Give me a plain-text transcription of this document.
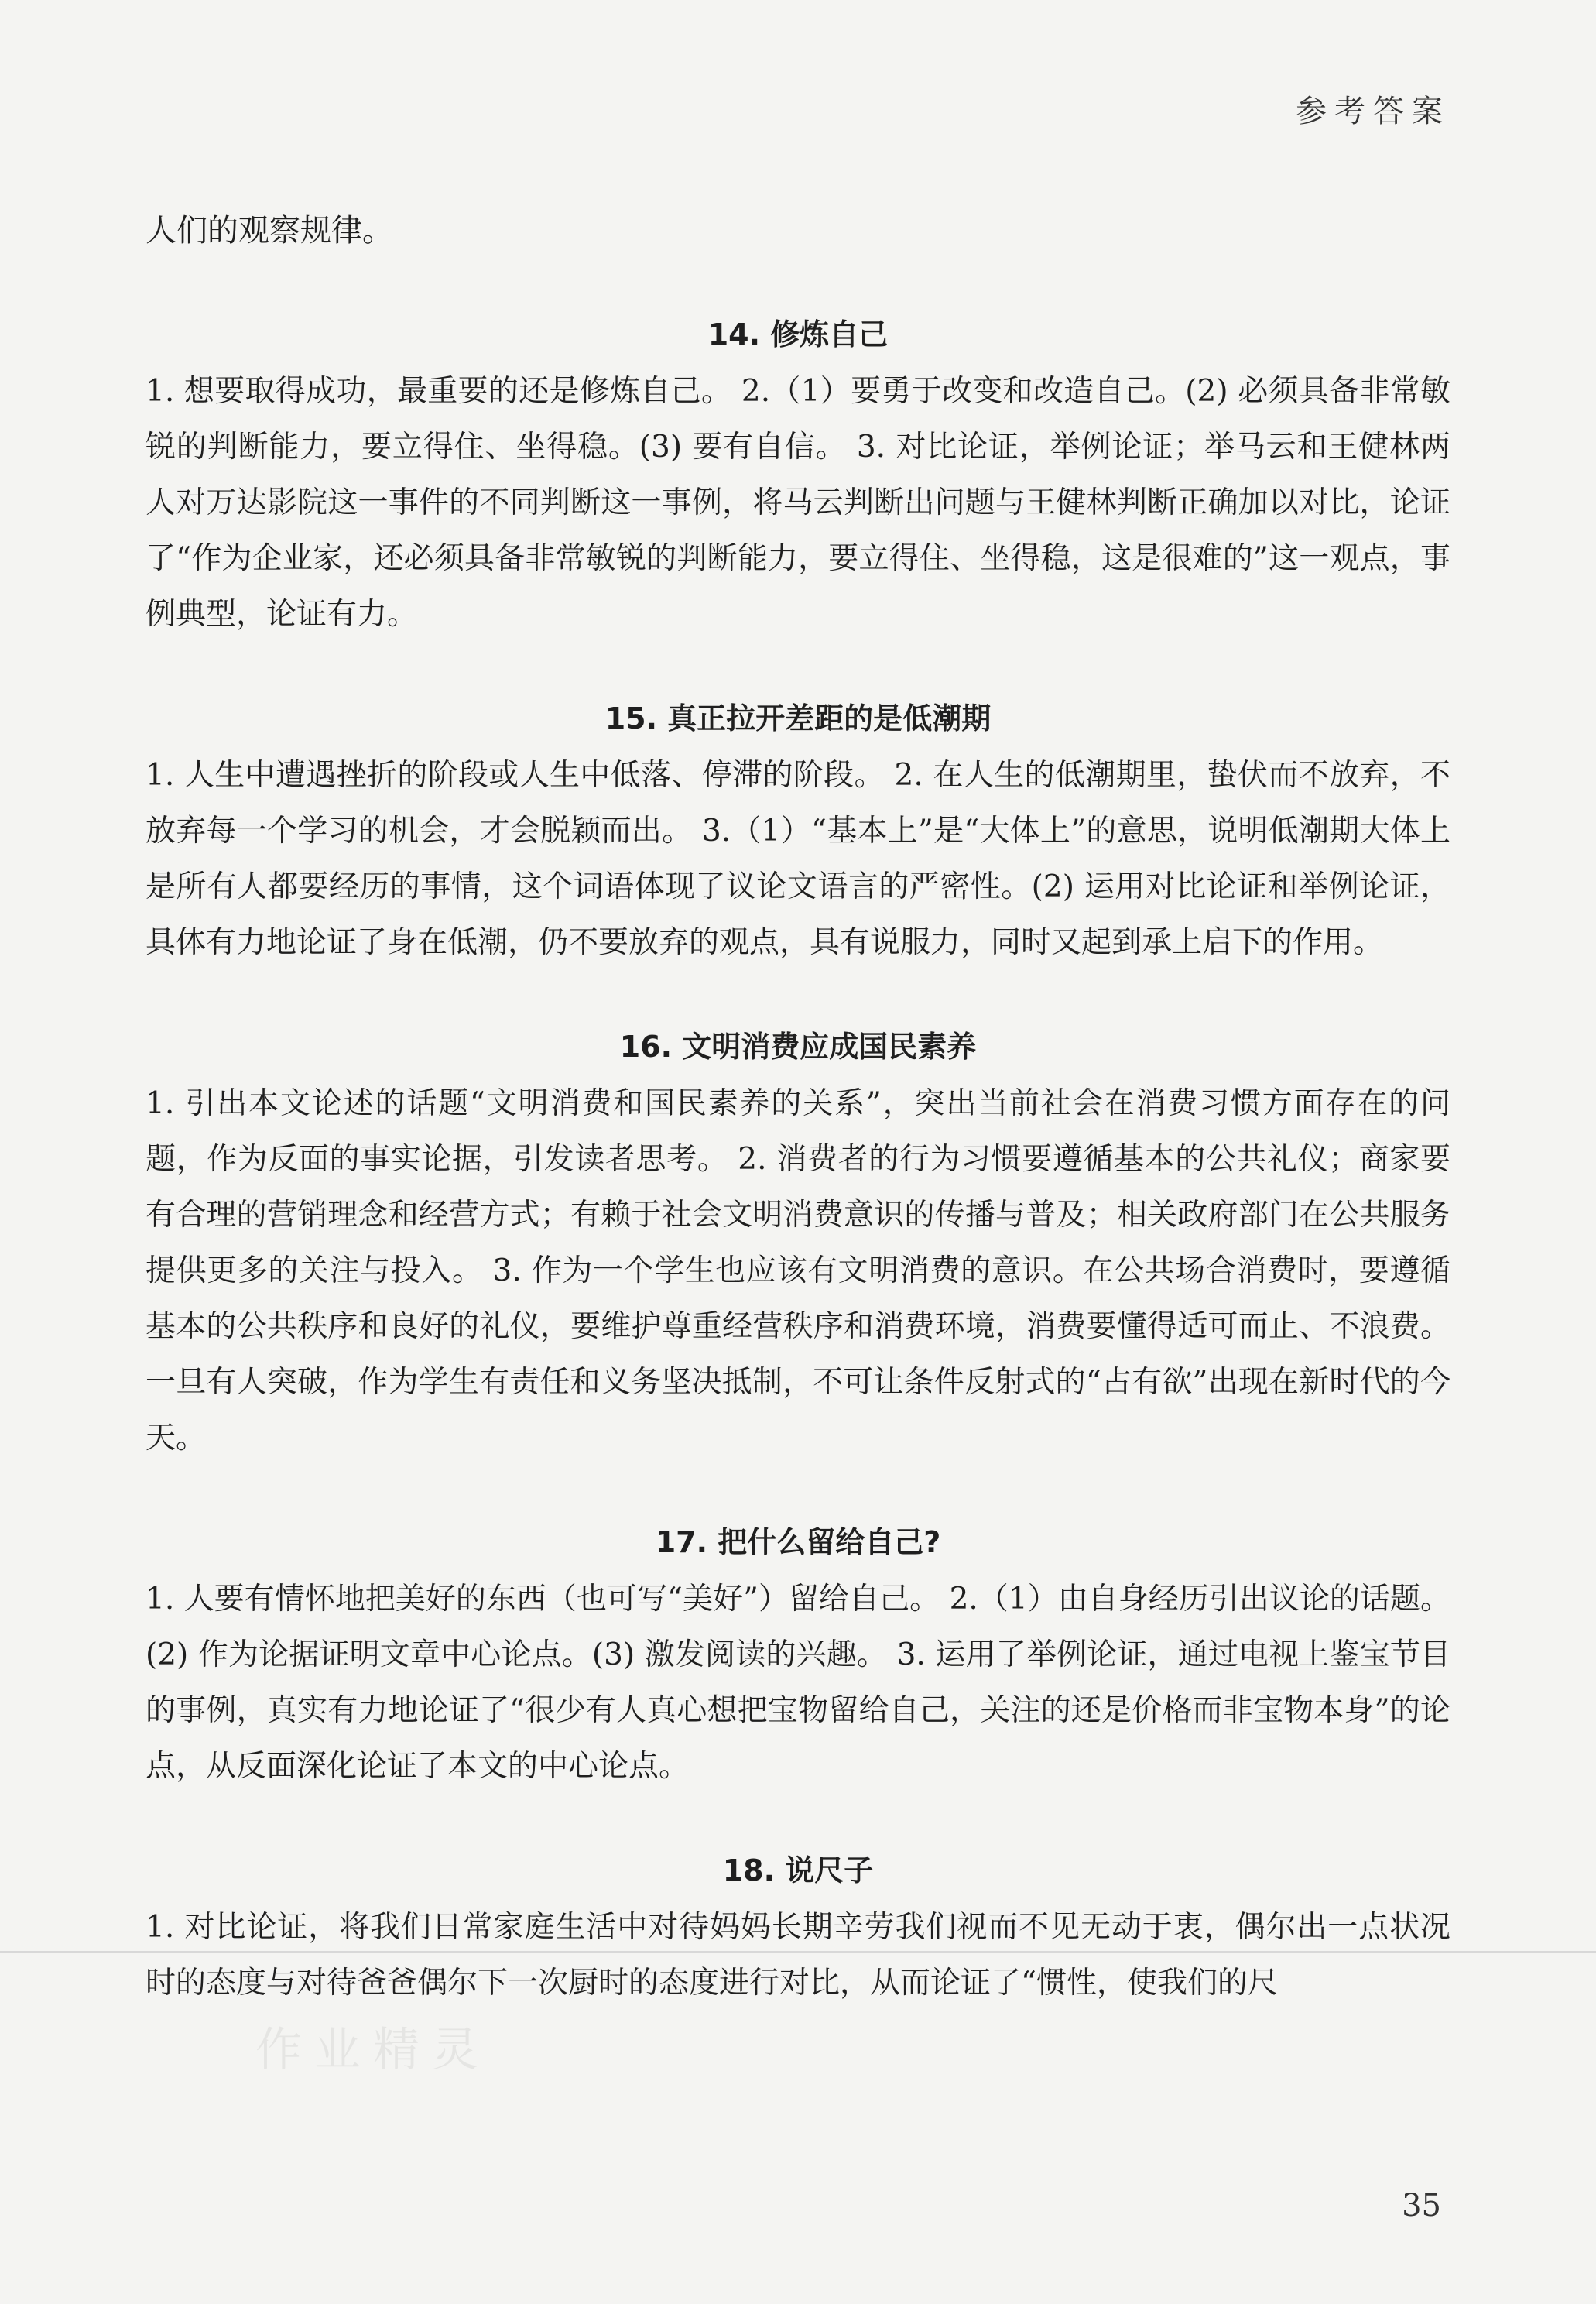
参考答案

人们的观察规律。

14. 修炼自己

1. 想要取得成功，最重要的还是修炼自己。 2.（1）要勇于改变和改造自己。(2) 必须具备非常敏锐的判断能力，要立得住、坐得稳。(3) 要有自信。 3. 对比论证，举例论证；举马云和王健林两人对万达影院这一事件的不同判断这一事例，将马云判断出问题与王健林判断正确加以对比，论证了“作为企业家，还必须具备非常敏锐的判断能力，要立得住、坐得稳，这是很难的”这一观点，事例典型，论证有力。

15. 真正拉开差距的是低潮期

1. 人生中遭遇挫折的阶段或人生中低落、停滞的阶段。 2. 在人生的低潮期里，蛰伏而不放弃，不放弃每一个学习的机会，才会脱颖而出。 3.（1）“基本上”是“大体上”的意思，说明低潮期大体上是所有人都要经历的事情，这个词语体现了议论文语言的严密性。(2) 运用对比论证和举例论证，具体有力地论证了身在低潮，仍不要放弃的观点，具有说服力，同时又起到承上启下的作用。

16. 文明消费应成国民素养

1. 引出本文论述的话题“文明消费和国民素养的关系”，突出当前社会在消费习惯方面存在的问题，作为反面的事实论据，引发读者思考。 2. 消费者的行为习惯要遵循基本的公共礼仪；商家要有合理的营销理念和经营方式；有赖于社会文明消费意识的传播与普及；相关政府部门在公共服务提供更多的关注与投入。 3. 作为一个学生也应该有文明消费的意识。在公共场合消费时，要遵循基本的公共秩序和良好的礼仪，要维护尊重经营秩序和消费环境，消费要懂得适可而止、不浪费。一旦有人突破，作为学生有责任和义务坚决抵制，不可让条件反射式的“占有欲”出现在新时代的今天。

17. 把什么留给自己?

1. 人要有情怀地把美好的东西（也可写“美好”）留给自己。 2.（1）由自身经历引出议论的话题。(2) 作为论据证明文章中心论点。(3) 激发阅读的兴趣。 3. 运用了举例论证，通过电视上鉴宝节目的事例，真实有力地论证了“很少有人真心想把宝物留给自己，关注的还是价格而非宝物本身”的论点，从反面深化论证了本文的中心论点。

18. 说尺子

1. 对比论证，将我们日常家庭生活中对待妈妈长期辛劳我们视而不见无动于衷，偶尔出一点状况时的态度与对待爸爸偶尔下一次厨时的态度进行对比，从而论证了“惯性，使我们的尺

作业精灵
35
